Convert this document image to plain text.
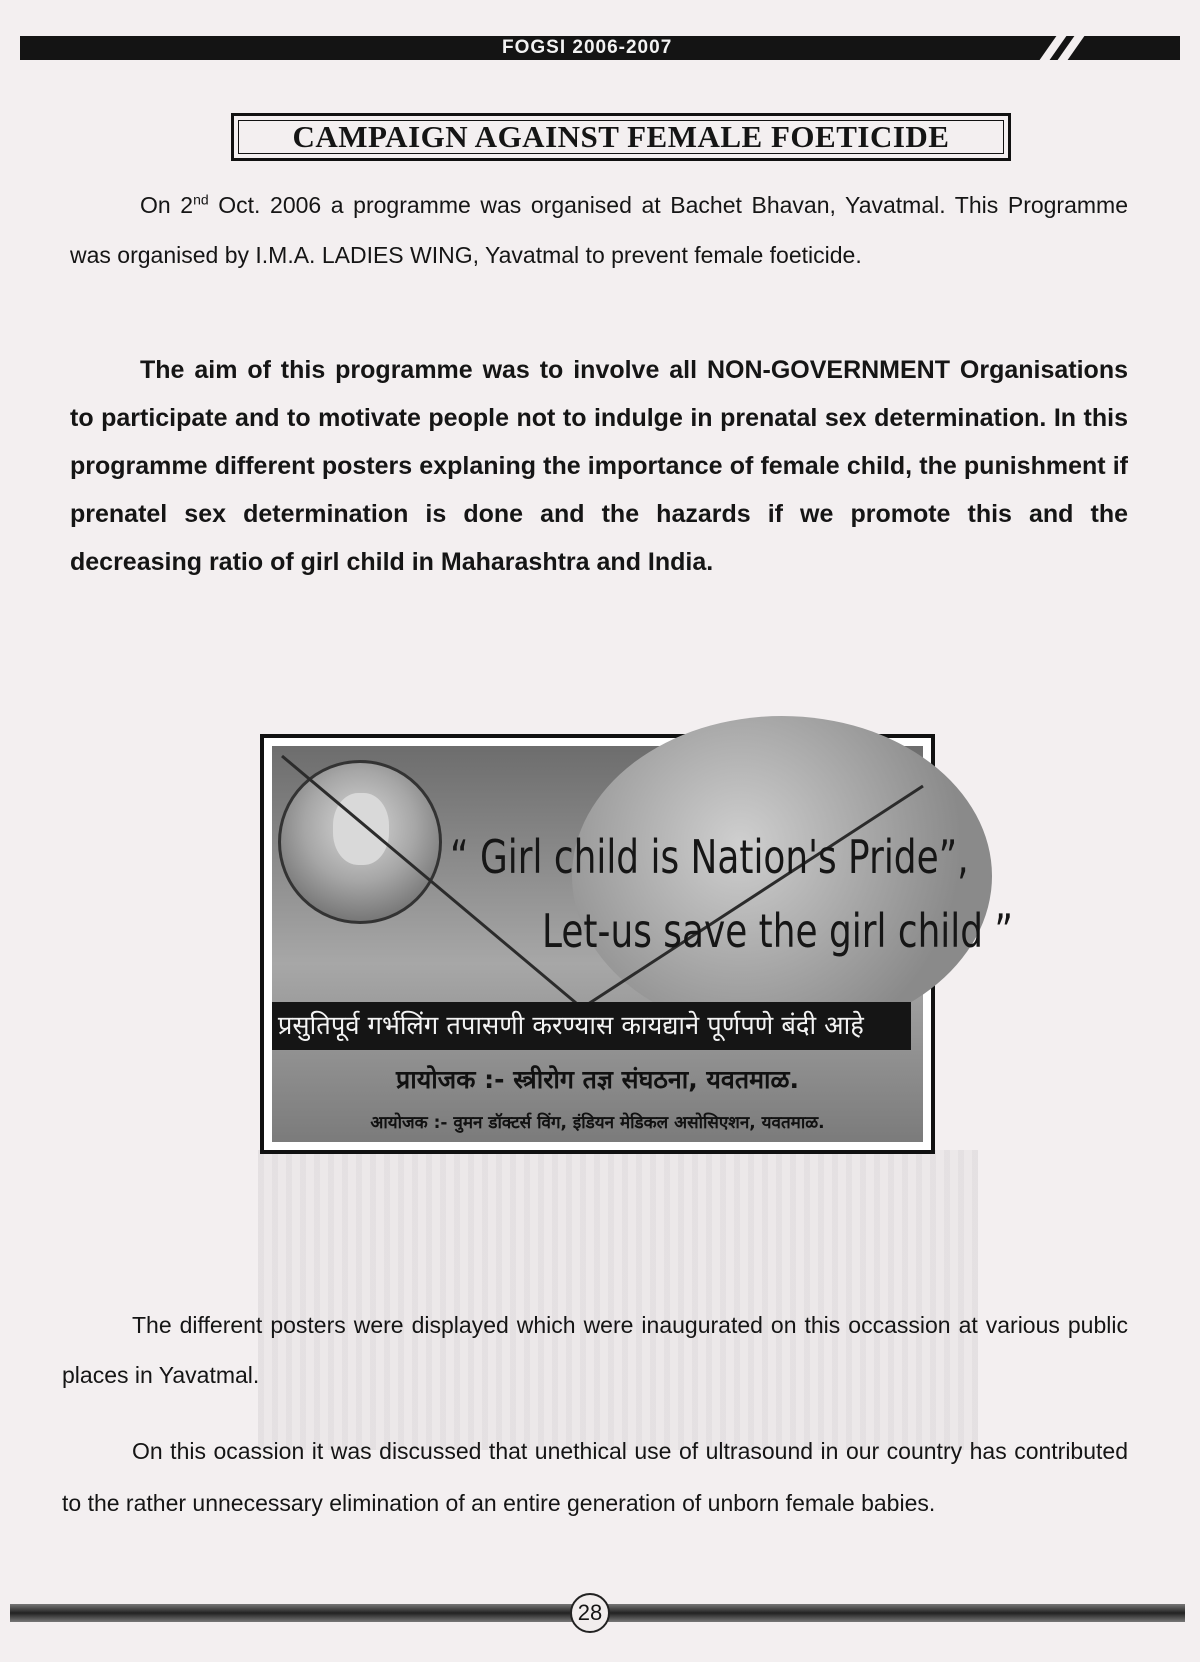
FOGSI 2006-2007
CAMPAIGN AGAINST FEMALE FOETICIDE
On 2nd Oct. 2006 a programme was organised at Bachet Bhavan, Yavatmal. This Programme was organised by I.M.A. LADIES WING, Yavatmal to prevent female foeticide.
The aim of this programme was to involve all NON-GOVERNMENT Organisations to participate and to motivate people not to indulge in prenatal sex determination. In this programme different posters explaning the importance of female child, the punishment if prenatel sex determination is done and the hazards if we promote this and the decreasing ratio of girl child in Maharashtra and India.
“ Girl child is Nation's Pride”,
Let-us save the girl child ”
प्रसुतिपूर्व गर्भलिंग तपासणी करण्यास कायद्याने पूर्णपणे बंदी आहे
प्रायोजक :- स्त्रीरोग तज्ञ संघठना, यवतमाळ.
आयोजक :- वुमन डॉक्टर्स विंग, इंडियन मेडिकल असोसिएशन, यवतमाळ.
The different posters were displayed which were inaugurated on this occassion at various public places in Yavatmal.
On this ocassion it was discussed that unethical use of ultrasound in our country has contributed to the rather unnecessary elimination of an entire generation of unborn female babies.
28
